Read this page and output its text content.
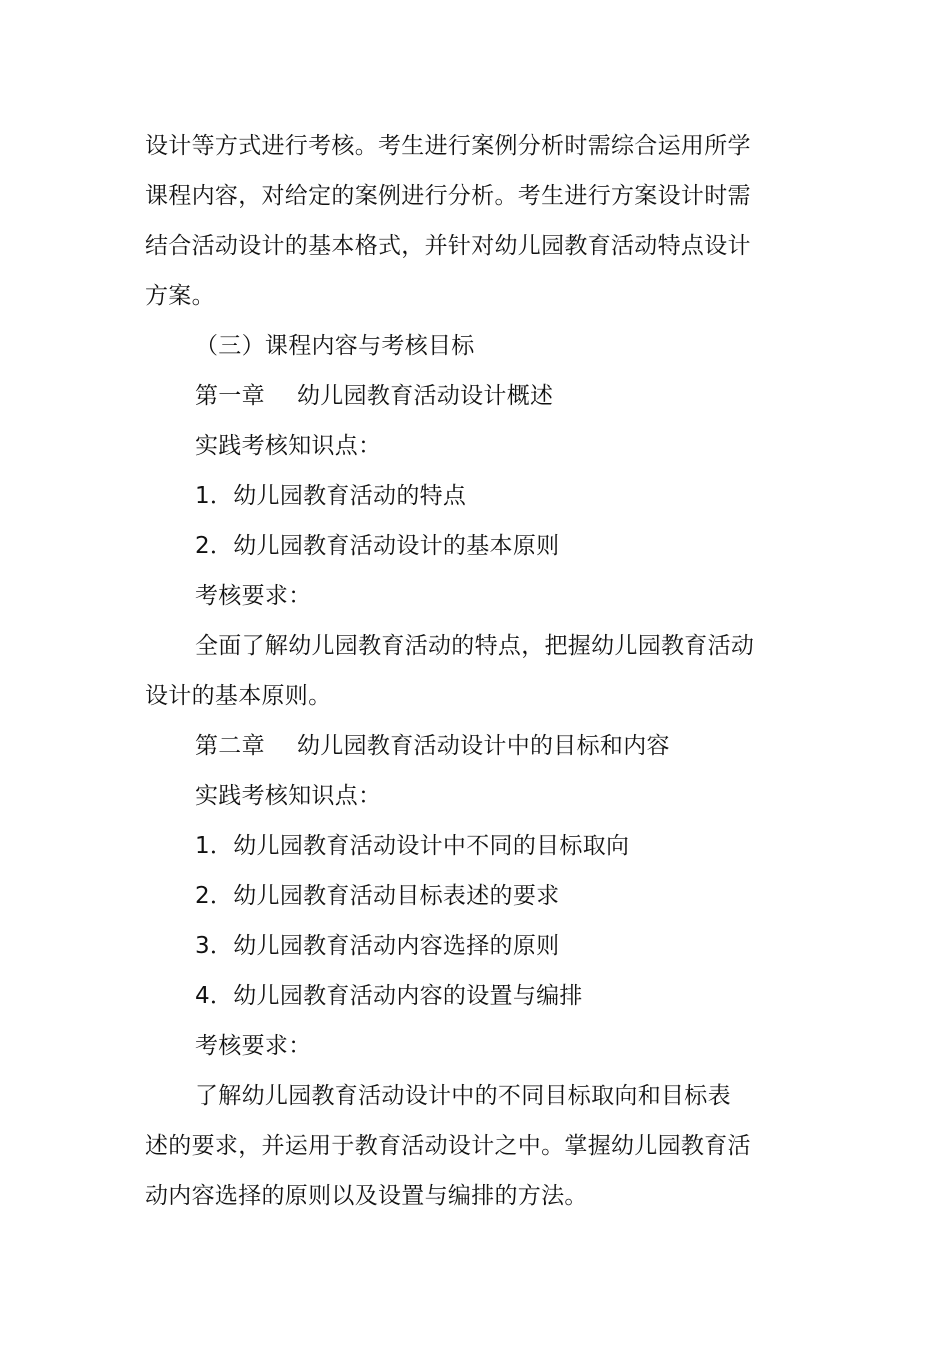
设计等方式进行考核。考生进行案例分析时需综合运用所学
课程内容，对给定的案例进行分析。考生进行方案设计时需
结合活动设计的基本格式，并针对幼儿园教育活动特点设计
方案。
（三）课程内容与考核目标
第一章 幼儿园教育活动设计概述
实践考核知识点：
1．幼儿园教育活动的特点
2．幼儿园教育活动设计的基本原则
考核要求：
全面了解幼儿园教育活动的特点，把握幼儿园教育活动
设计的基本原则。
第二章 幼儿园教育活动设计中的目标和内容
实践考核知识点：
1．幼儿园教育活动设计中不同的目标取向
2．幼儿园教育活动目标表述的要求
3．幼儿园教育活动内容选择的原则
4．幼儿园教育活动内容的设置与编排
考核要求：
了解幼儿园教育活动设计中的不同目标取向和目标表
述的要求，并运用于教育活动设计之中。掌握幼儿园教育活
动内容选择的原则以及设置与编排的方法。
